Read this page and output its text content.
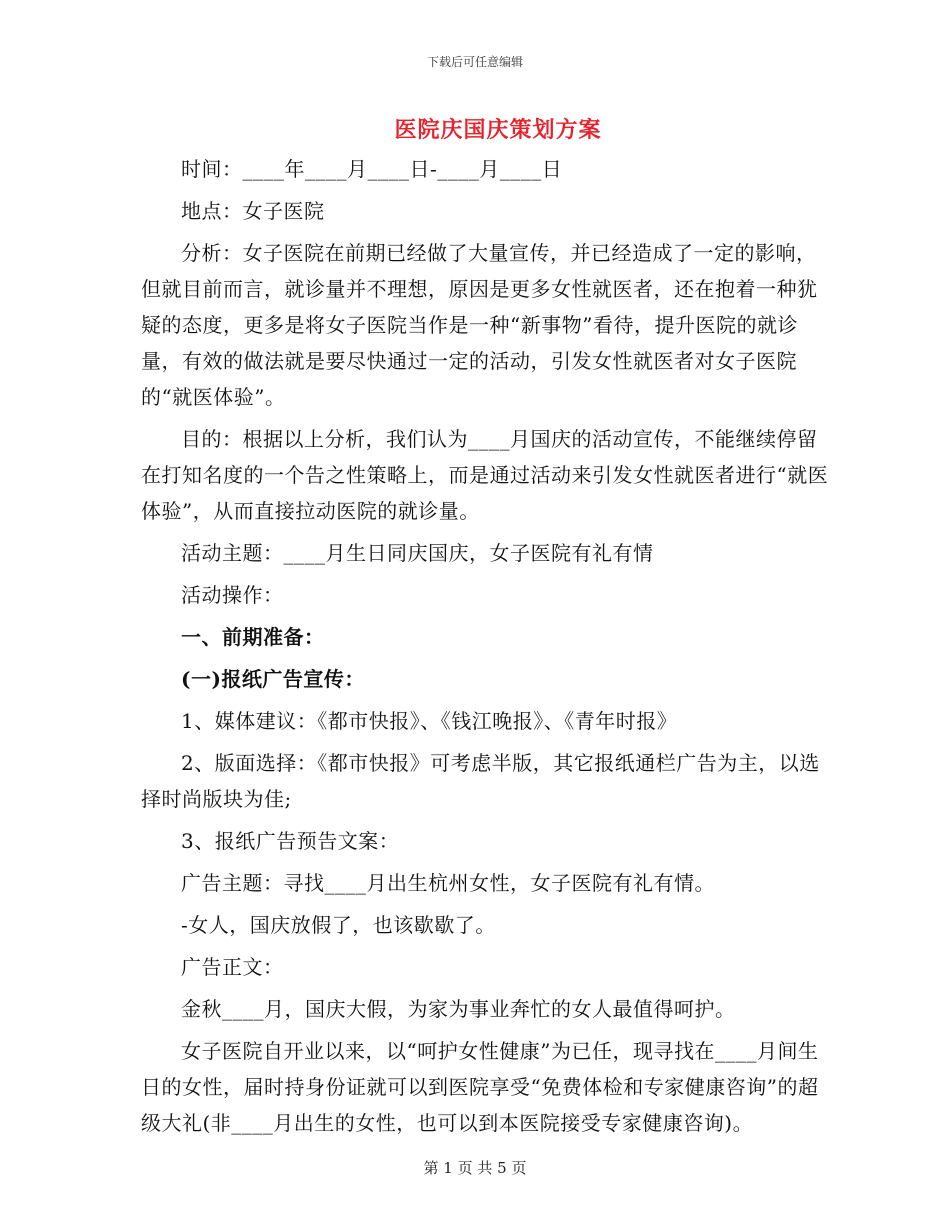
下载后可任意编辑
医院庆国庆策划方案

时间：____年____月____日-____月____日

地点：女子医院

分析：女子医院在前期已经做了大量宣传，并已经造成了一定的影响，但就目前而言，就诊量并不理想，原因是更多女性就医者，还在抱着一种犹疑的态度，更多是将女子医院当作是一种“新事物”看待，提升医院的就诊量，有效的做法就是要尽快通过一定的活动，引发女性就医者对女子医院的“就医体验”。

目的：根据以上分析，我们认为____月国庆的活动宣传，不能继续停留在打知名度的一个告之性策略上，而是通过活动来引发女性就医者进行“就医体验”，从而直接拉动医院的就诊量。

活动主题：____月生日同庆国庆，女子医院有礼有情

活动操作：

一、前期准备：

(一)报纸广告宣传：

1、媒体建议：《都市快报》、《钱江晚报》、《青年时报》

2、版面选择：《都市快报》可考虑半版，其它报纸通栏广告为主，以选择时尚版块为佳;

3、报纸广告预告文案：

广告主题：寻找____月出生杭州女性，女子医院有礼有情。

-女人，国庆放假了，也该歇歇了。

广告正文：

金秋____月，国庆大假，为家为事业奔忙的女人最值得呵护。

女子医院自开业以来，以“呵护女性健康”为已任，现寻找在____月间生日的女性，届时持身份证就可以到医院享受“免费体检和专家健康咨询”的超级大礼(非____月出生的女性，也可以到本医院接受专家健康咨询)。

第 1 页 共 5 页
